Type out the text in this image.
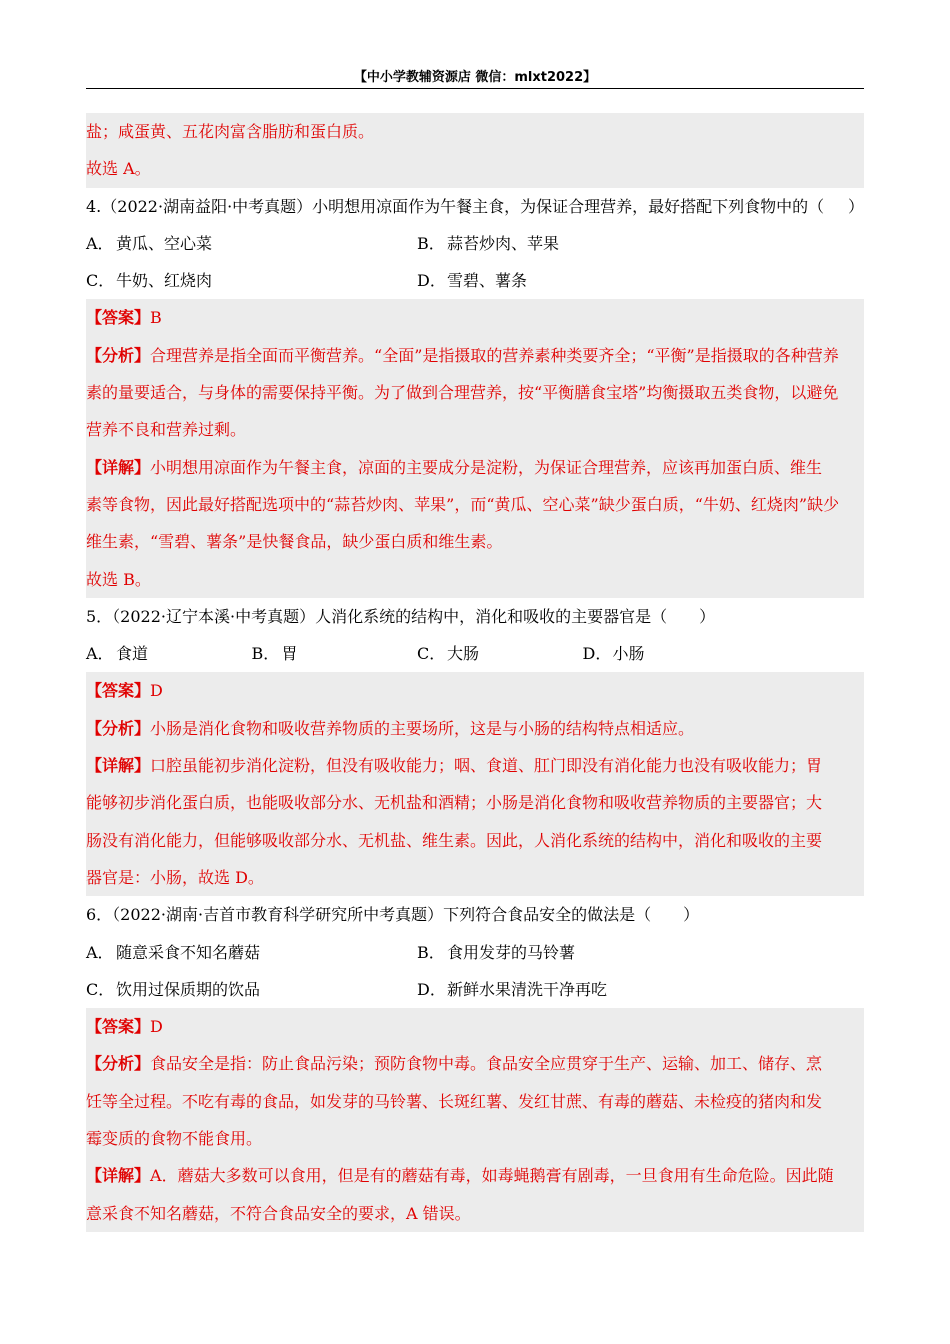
【中小学教辅资源店 微信：mlxt2022】
盐；咸蛋黄、五花肉富含脂肪和蛋白质。
故选 A。
4.（2022·湖南益阳·中考真题）小明想用凉面作为午餐主食，为保证合理营养，最好搭配下列食物中的（ ）
A． 黄瓜、空心菜	B． 蒜苔炒肉、苹果
C． 牛奶、红烧肉	D． 雪碧、薯条
【答案】B
【分析】合理营养是指全面而平衡营养。“全面”是指摄取的营养素种类要齐全；“平衡”是指摄取的各种营养
素的量要适合，与身体的需要保持平衡。为了做到合理营养，按“平衡膳食宝塔”均衡摄取五类食物，以避免
营养不良和营养过剩。
【详解】小明想用凉面作为午餐主食，凉面的主要成分是淀粉，为保证合理营养，应该再加蛋白质、维生
素等食物，因此最好搭配选项中的“蒜苔炒肉、苹果”，而“黄瓜、空心菜”缺少蛋白质，“牛奶、红烧肉”缺少
维生素，“雪碧、薯条”是快餐食品，缺少蛋白质和维生素。
故选 B。
5．（2022·辽宁本溪·中考真题）人消化系统的结构中，消化和吸收的主要器官是（　　）
A． 食道	B． 胃	C． 大肠	D． 小肠
【答案】D
【分析】小肠是消化食物和吸收营养物质的主要场所，这是与小肠的结构特点相适应。
【详解】口腔虽能初步消化淀粉，但没有吸收能力；咽、食道、肛门即没有消化能力也没有吸收能力；胃
能够初步消化蛋白质，也能吸收部分水、无机盐和酒精；小肠是消化食物和吸收营养物质的主要器官；大
肠没有消化能力，但能够吸收部分水、无机盐、维生素。因此，人消化系统的结构中，消化和吸收的主要
器官是：小肠，故选 D。
6．（2022·湖南·吉首市教育科学研究所中考真题）下列符合食品安全的做法是（　　）
A． 随意采食不知名蘑菇	B． 食用发芽的马铃薯
C． 饮用过保质期的饮品	D． 新鲜水果清洗干净再吃
【答案】D
【分析】食品安全是指：防止食品污染；预防食物中毒。食品安全应贯穿于生产、运输、加工、储存、烹
饪等全过程。不吃有毒的食品，如发芽的马铃薯、长斑红薯、发红甘蔗、有毒的蘑菇、未检疫的猪肉和发
霉变质的食物不能食用。
【详解】A．蘑菇大多数可以食用，但是有的蘑菇有毒，如毒蝇鹅膏有剧毒，一旦食用有生命危险。因此随
意采食不知名蘑菇，不符合食品安全的要求，A 错误。
